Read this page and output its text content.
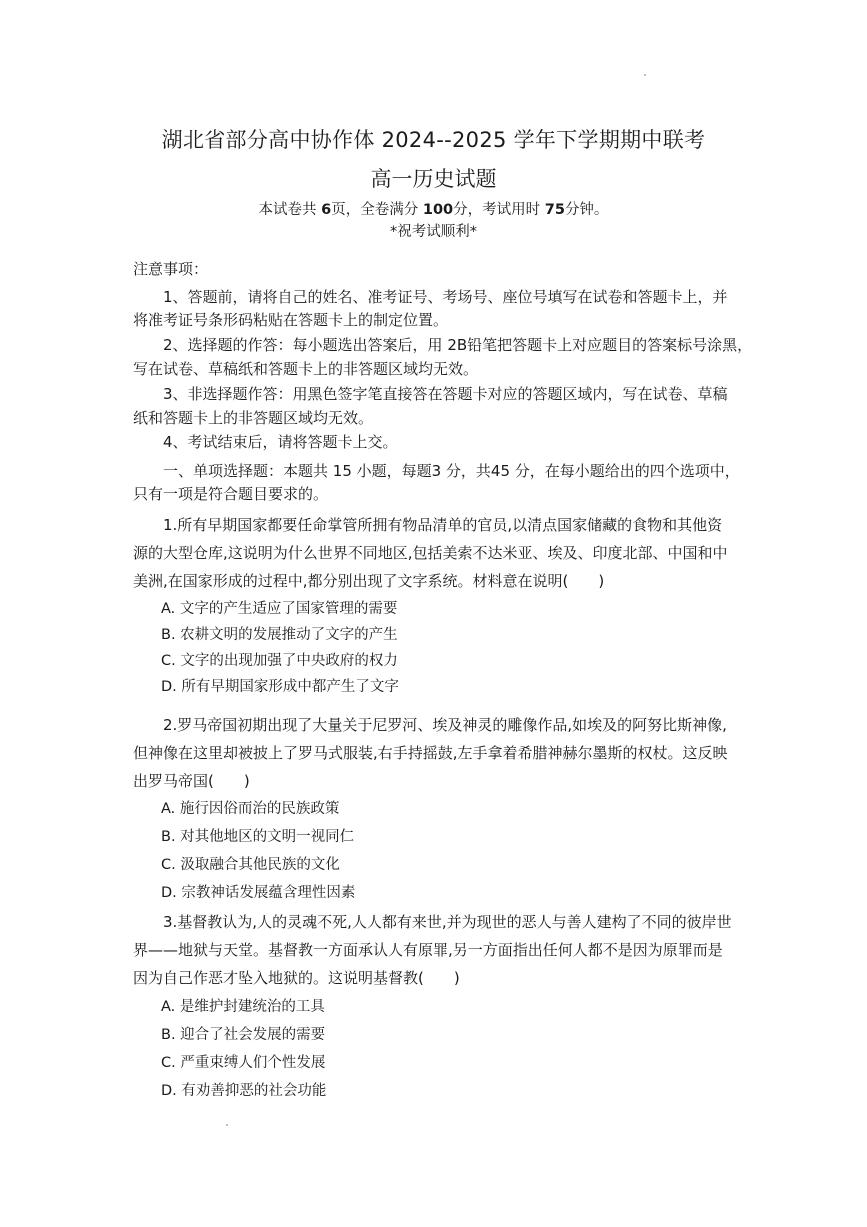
湖北省部分高中协作体 2024--2025 学年下学期期中联考
高一历史试题
本试卷共 6页，全卷满分 100分，考试用时 75分钟。
*祝考试顺利*
注意事项：
1、答题前，请将自己的姓名、准考证号、考场号、座位号填写在试卷和答题卡上，并
将准考证号条形码粘贴在答题卡上的制定位置。
2、选择题的作答：每小题选出答案后，用 2B铅笔把答题卡上对应题目的答案标号涂黑，
写在试卷、草稿纸和答题卡上的非答题区域均无效。
3、非选择题作答：用黑色签字笔直接答在答题卡对应的答题区域内，写在试卷、草稿
纸和答题卡上的非答题区域均无效。
4、考试结束后，请将答题卡上交。
一、单项选择题：本题共 15 小题，每题3 分，共45 分，在每小题给出的四个选项中，
只有一项是符合题目要求的。
1.所有早期国家都要任命掌管所拥有物品清单的官员,以清点国家储藏的食物和其他资
源的大型仓库,这说明为什么世界不同地区,包括美索不达米亚、埃及、印度北部、中国和中
美洲,在国家形成的过程中,都分别出现了文字系统。材料意在说明(　　)
A. 文字的产生适应了国家管理的需要
B. 农耕文明的发展推动了文字的产生
C. 文字的出现加强了中央政府的权力
D. 所有早期国家形成中都产生了文字
2.罗马帝国初期出现了大量关于尼罗河、埃及神灵的雕像作品,如埃及的阿努比斯神像,
但神像在这里却被披上了罗马式服装,右手持摇鼓,左手拿着希腊神赫尔墨斯的权杖。这反映
出罗马帝国(　　)
A. 施行因俗而治的民族政策
B. 对其他地区的文明一视同仁
C. 汲取融合其他民族的文化
D. 宗教神话发展蕴含理性因素
3.基督教认为,人的灵魂不死,人人都有来世,并为现世的恶人与善人建构了不同的彼岸世
界——地狱与天堂。基督教一方面承认人有原罪,另一方面指出任何人都不是因为原罪而是
因为自己作恶才坠入地狱的。这说明基督教(　　)
A. 是维护封建统治的工具
B. 迎合了社会发展的需要
C. 严重束缚人们个性发展
D. 有劝善抑恶的社会功能
